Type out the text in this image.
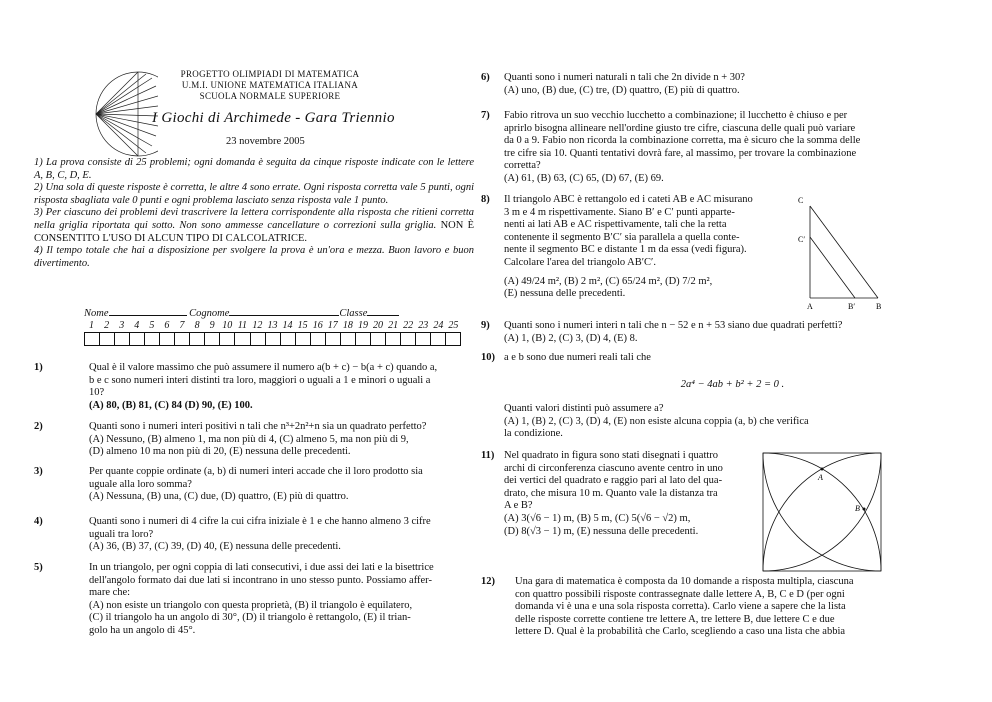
PROGETTO OLIMPIADI DI MATEMATICA
U.M.I. UNIONE MATEMATICA ITALIANA
SCUOLA NORMALE SUPERIORE
I Giochi di Archimede - Gara Triennio
23 novembre 2005
1) La prova consiste di 25 problemi; ogni domanda è seguita da cinque risposte indicate con le lettere A, B, C, D, E.
2) Una sola di queste risposte è corretta, le altre 4 sono errate. Ogni risposta corretta vale 5 punti, ogni risposta sbagliata vale 0 punti e ogni problema lasciato senza risposta vale 1 punto.
3) Per ciascuno dei problemi devi trascrivere la lettera corrispondente alla risposta che ritieni corretta nella griglia riportata qui sotto. Non sono ammesse cancellature o correzioni sulla griglia. NON È CONSENTITO L'USO DI ALCUN TIPO DI CALCOLATRICE.
4) Il tempo totale che hai a disposizione per svolgere la prova è un'ora e mezza. Buon lavoro e buon divertimento.
Nome	Cognome	Classe
1	2	3	4	5	6	7	8	9 10 11 12 13 14 15 16 17 18 19 20 21 22 23 24 25
1)	Qual è il valore massimo che può assumere il numero a(b + c) − b(a + c) quando a,
b e c sono numeri interi distinti tra loro, maggiori o uguali a 1 e minori o uguali a
10?
(A) 80, (B) 81, (C) 84 (D) 90, (E) 100.
2)	Quanti sono i numeri interi positivi n tali che n³+2n²+n sia un quadrato perfetto?
(A) Nessuno, (B) almeno 1, ma non più di 4, (C) almeno 5, ma non più di 9,
(D) almeno 10 ma non più di 20, (E) nessuna delle precedenti.
3)	Per quante coppie ordinate (a, b) di numeri interi accade che il loro prodotto sia
uguale alla loro somma?
(A) Nessuna, (B) una, (C) due, (D) quattro, (E) più di quattro.
4)	Quanti sono i numeri di 4 cifre la cui cifra iniziale è 1 e che hanno almeno 3 cifre
uguali tra loro?
(A) 36, (B) 37, (C) 39, (D) 40, (E) nessuna delle precedenti.
5)	In un triangolo, per ogni coppia di lati consecutivi, i due assi dei lati e la bisettrice
dell'angolo formato dai due lati si incontrano in uno stesso punto. Possiamo affer-
mare che:
(A) non esiste un triangolo con questa proprietà, (B) il triangolo è equilatero,
(C) il triangolo ha un angolo di 30°, (D) il triangolo è rettangolo, (E) il trian-
golo ha un angolo di 45°.
6) Quanti sono i numeri naturali n tali che 2n divide n + 30?
(A) uno, (B) due, (C) tre, (D) quattro, (E) più di quattro.
7) Fabio ritrova un suo vecchio lucchetto a combinazione; il lucchetto è chiuso e per
aprirlo bisogna allineare nell'ordine giusto tre cifre, ciascuna delle quali può variare
da 0 a 9. Fabio non ricorda la combinazione corretta, ma è sicuro che la somma delle
tre cifre sia 10. Quanti tentativi dovrà fare, al massimo, per trovare la combinazione
corretta?
(A) 61, (B) 63, (C) 65, (D) 67, (E) 69.
8) Il triangolo ABC è rettangolo ed i cateti AB e AC misurano
3 m e 4 m rispettivamente. Siano B′ e C′ punti apparte-
nenti ai lati AB e AC rispettivamente, tali che la retta
contenente il segmento B′C′ sia parallela a quella conte-
nente il segmento BC e distante 1 m da essa (vedi figura).
Calcolare l'area del triangolo AB′C′.
(A) 49/24 m², (B) 2 m², (C) 65/24 m², (D) 7/2 m²,
(E) nessuna delle precedenti.
C
C′
A	B′	B
9) Quanti sono i numeri interi n tali che n − 52 e n + 53 siano due quadrati perfetti?
(A) 1, (B) 2, (C) 3, (D) 4, (E) 8.
10) a e b sono due numeri reali tali che
2a⁴ − 4ab + b² + 2 = 0 .
Quanti valori distinti può assumere a?
(A) 1, (B) 2, (C) 3, (D) 4, (E) non esiste alcuna coppia (a, b) che verifica
la condizione.
11) Nel quadrato in figura sono stati disegnati i quattro
archi di circonferenza ciascuno avente centro in uno
dei vertici del quadrato e raggio pari al lato del qua-
drato, che misura 10 m. Quanto vale la distanza tra
A e B?
(A) 3(√6 − 1) m, (B) 5 m, (C) 5(√6 − √2) m,
(D) 8(√3 − 1) m, (E) nessuna delle precedenti.
A
B
12) Una gara di matematica è composta da 10 domande a risposta multipla, ciascuna
con quattro possibili risposte contrassegnate dalle lettere A, B, C e D (per ogni
domanda vi è una e una sola risposta corretta). Carlo viene a sapere che la lista
delle risposte corrette contiene tre lettere A, tre lettere B, due lettere C e due
lettere D. Qual è la probabilità che Carlo, scegliendo a caso una lista che abbia
